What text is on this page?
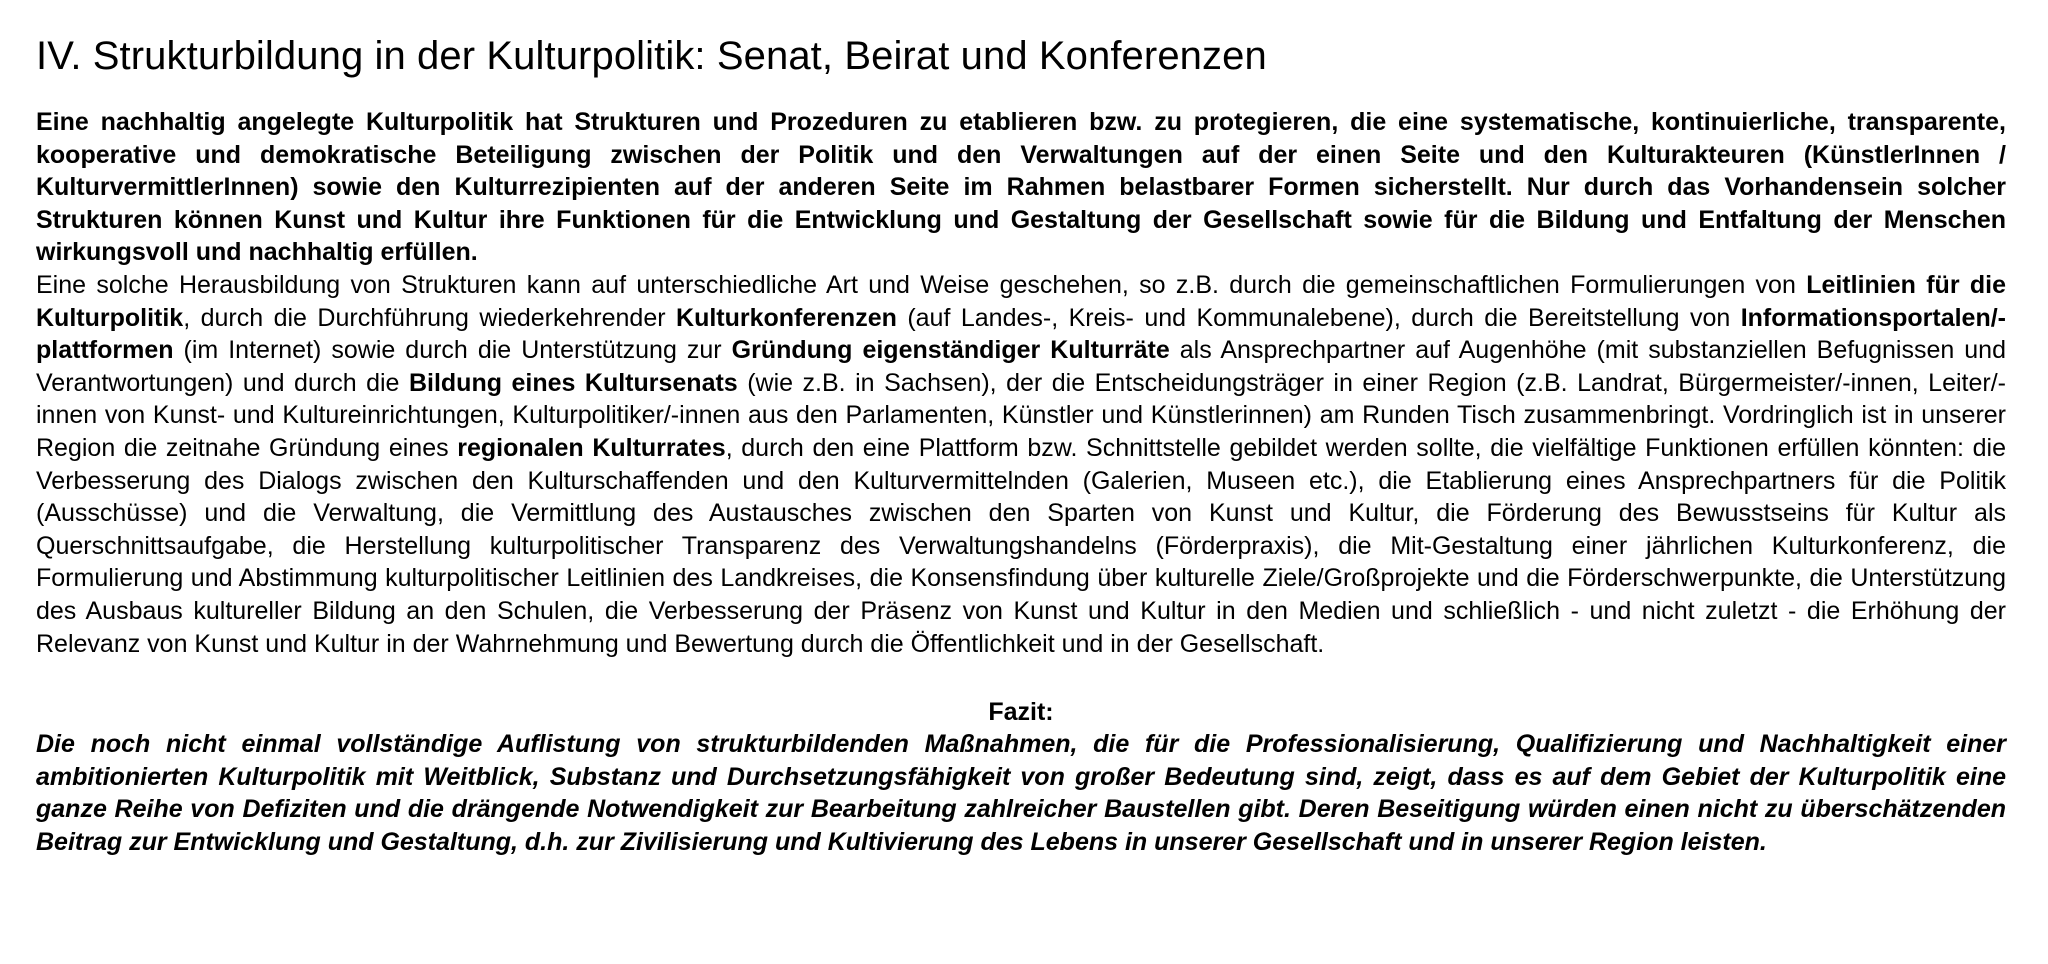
IV. Strukturbildung in der Kulturpolitik: Senat, Beirat und Konferenzen

Eine nachhaltig angelegte Kulturpolitik hat Strukturen und Prozeduren zu etablieren bzw. zu protegieren, die eine systematische, kontinuierliche, transparente, kooperative und demokratische Beteiligung zwischen der Politik und den Verwaltungen auf der einen Seite und den Kulturakteuren (KünstlerInnen / KulturvermittlerInnen) sowie den Kulturrezipienten auf der anderen Seite im Rahmen belastbarer Formen sicherstellt. Nur durch das Vorhandensein solcher Strukturen können Kunst und Kultur ihre Funktionen für die Entwicklung und Gestaltung der Gesellschaft sowie für die Bildung und Entfaltung der Menschen wirkungsvoll und nachhaltig erfüllen.

Eine solche Herausbildung von Strukturen kann auf unterschiedliche Art und Weise geschehen, so z.B. durch die gemeinschaftlichen Formulierungen von Leitlinien für die Kulturpolitik, durch die Durchführung wiederkehrender Kulturkonferenzen (auf Landes-, Kreis- und Kommunalebene), durch die Bereitstellung von Informationsportalen/-plattformen (im Internet) sowie durch die Unterstützung zur Gründung eigenständiger Kulturräte als Ansprechpartner auf Augenhöhe (mit substanziellen Befugnissen und Verantwortungen) und durch die Bildung eines Kultursenats (wie z.B. in Sachsen), der die Entscheidungsträger in einer Region (z.B. Landrat, Bürgermeister/-innen, Leiter/-innen von Kunst- und Kultureinrichtungen, Kulturpolitiker/-innen aus den Parlamenten, Künstler und Künstlerinnen) am Runden Tisch zusammenbringt. Vordringlich ist in unserer Region die zeitnahe Gründung eines regionalen Kulturrates, durch den eine Plattform bzw. Schnittstelle gebildet werden sollte, die vielfältige Funktionen erfüllen könnten: die Verbesserung des Dialogs zwischen den Kulturschaffenden und den Kulturvermittelnden (Galerien, Museen etc.), die Etablierung eines Ansprechpartners für die Politik (Ausschüsse) und die Verwaltung, die Vermittlung des Austausches zwischen den Sparten von Kunst und Kultur, die Förderung des Bewusstseins für Kultur als Querschnittsaufgabe, die Herstellung kulturpolitischer Transparenz des Verwaltungshandelns (Förderpraxis), die Mit-Gestaltung einer jährlichen Kulturkonferenz, die Formulierung und Abstimmung kulturpolitischer Leitlinien des Landkreises, die Konsensfindung über kulturelle Ziele/Großprojekte und die Förderschwerpunkte, die Unterstützung des Ausbaus kultureller Bildung an den Schulen, die Verbesserung der Präsenz von Kunst und Kultur in den Medien und schließlich - und nicht zuletzt - die Erhöhung der Relevanz von Kunst und Kultur in der Wahrnehmung und Bewertung durch die Öffentlichkeit und in der Gesellschaft.

Fazit:

Die noch nicht einmal vollständige Auflistung von strukturbildenden Maßnahmen, die für die Professionalisierung, Qualifizierung und Nachhaltigkeit einer ambitionierten Kulturpolitik mit Weitblick, Substanz und Durchsetzungsfähigkeit von großer Bedeutung sind, zeigt, dass es auf dem Gebiet der Kulturpolitik eine ganze Reihe von Defiziten und die drängende Notwendigkeit zur Bearbeitung zahlreicher Baustellen gibt. Deren Beseitigung würden einen nicht zu überschätzenden Beitrag zur Entwicklung und Gestaltung, d.h. zur Zivilisierung und Kultivierung des Lebens in unserer Gesellschaft und in unserer Region leisten.
